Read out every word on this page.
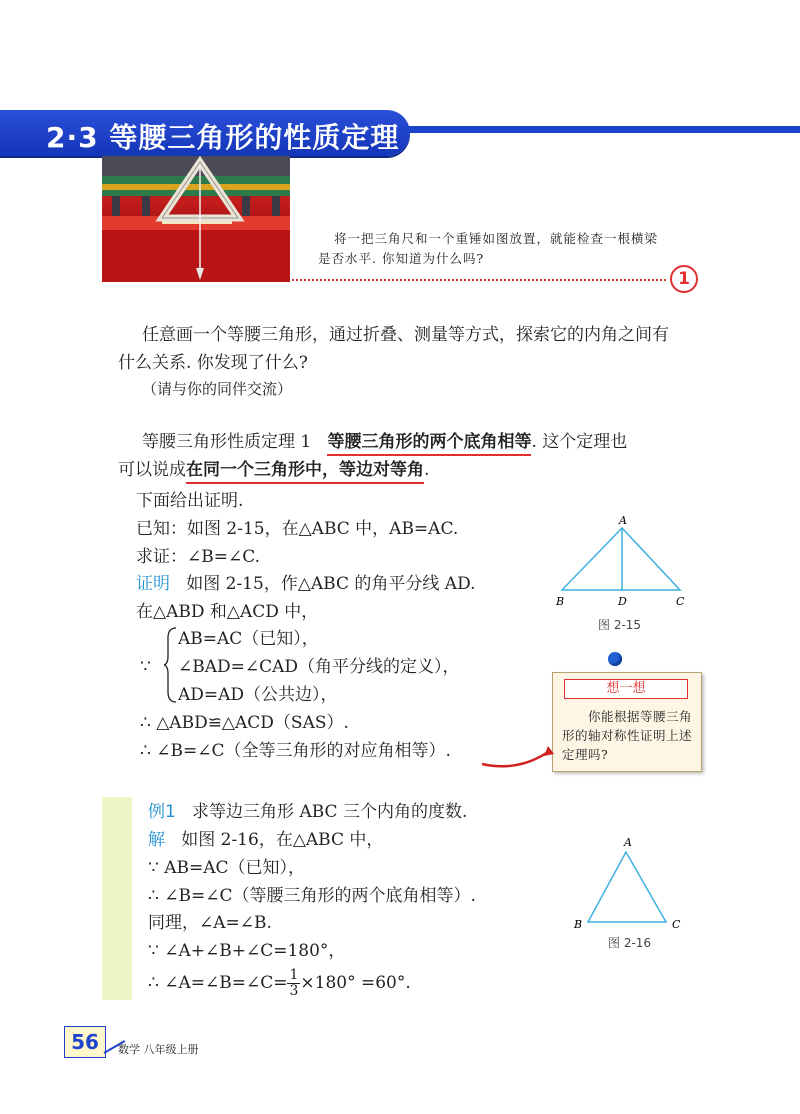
2·3 等腰三角形的性质定理
将一把三角尺和一个重锤如图放置，就能检查一根横梁
是否水平. 你知道为什么吗?
1
任意画一个等腰三角形，通过折叠、测量等方式，探索它的内角之间有
什么关系. 你发现了什么?
（请与你的同伴交流）
等腰三角形性质定理 1 等腰三角形的两个底角相等. 这个定理也
可以说成在同一个三角形中，等边对等角.
下面给出证明.
已知：如图 2-15，在△ABC 中，AB=AC.
求证：∠B=∠C.
证明 如图 2-15，作△ABC 的角平分线 AD.
在△ABD 和△ACD 中，
∵
AB=AC（已知），
∠BAD=∠CAD（角平分线的定义），
AD=AD（公共边），
∴ △ABD≌△ACD（SAS）.
∴ ∠B=∠C（全等三角形的对应角相等）.
A
B	D	C
图 2-15
想一想
你能根据等腰三角形的轴对称性证明上述定理吗?
例1 求等边三角形 ABC 三个内角的度数.
解 如图 2-16，在△ABC 中，
∵ AB=AC（已知），
∴ ∠B=∠C（等腰三角形的两个底角相等）.
同理，∠A=∠B.
∵ ∠A+∠B+∠C=180°，
∴ ∠A=∠B=∠C= $\frac{1}{3} \times 180^\circ =60^\circ$.
A
B	C
图 2-16
56	数学 八年级上册
